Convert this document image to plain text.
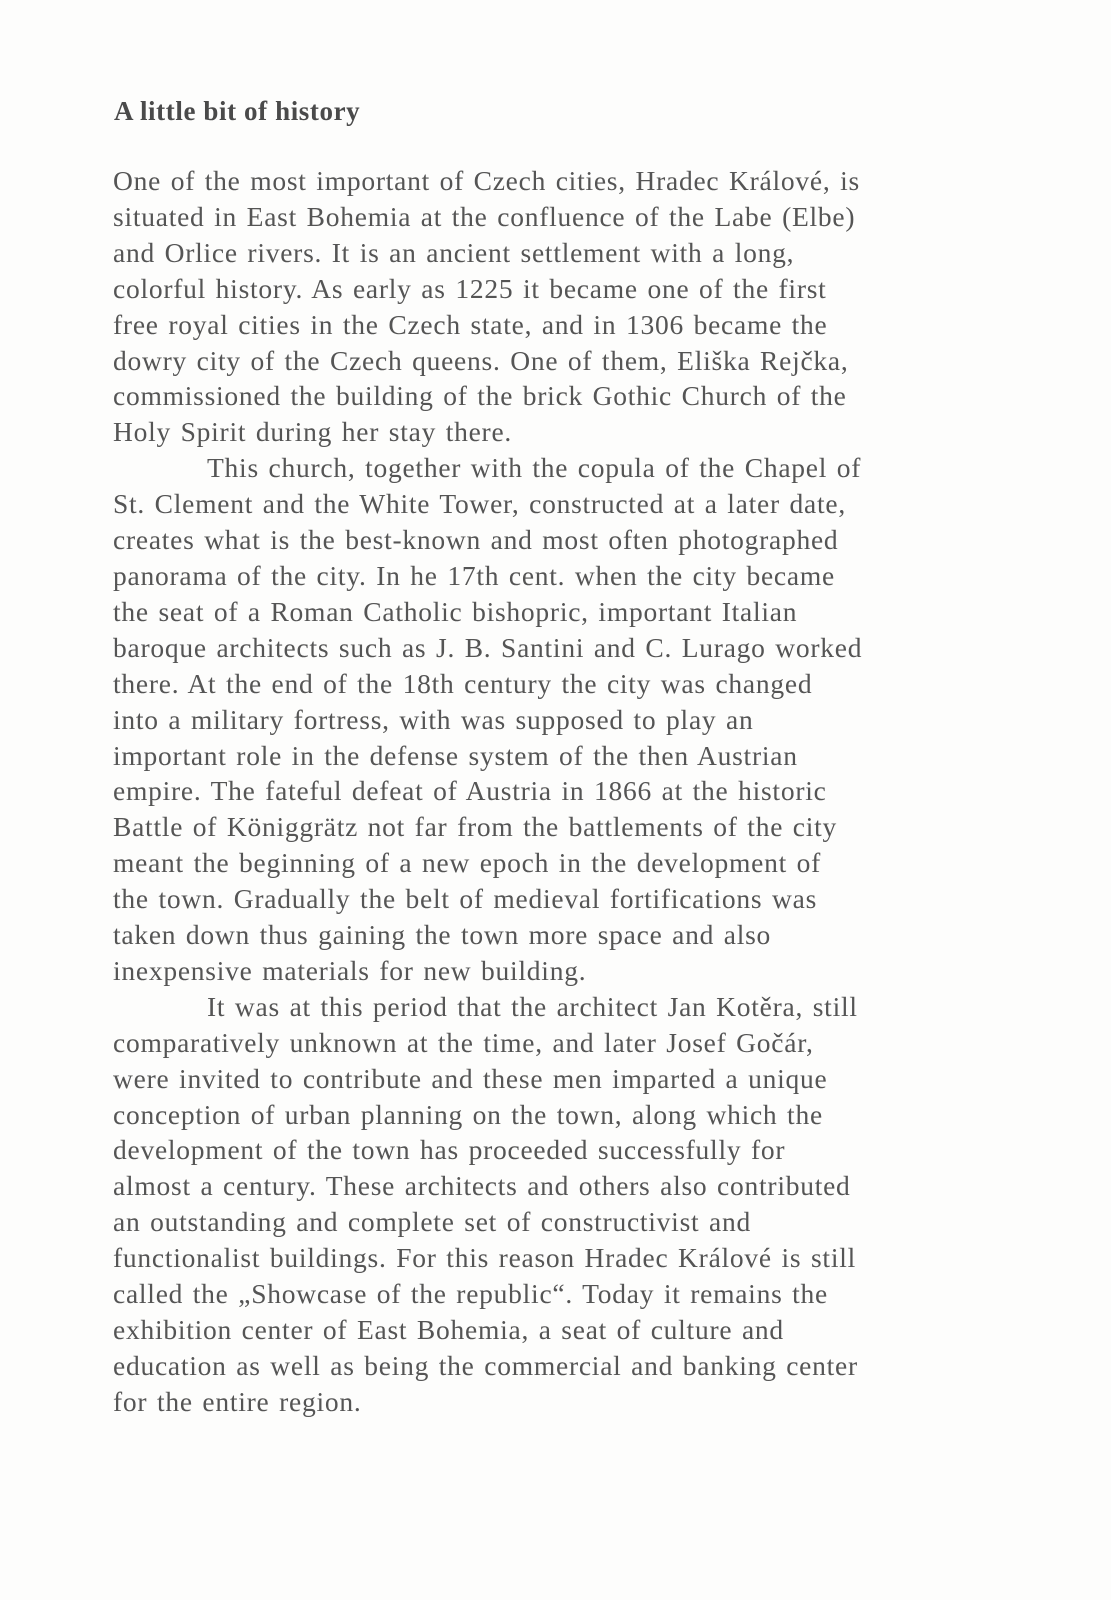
A little bit of history

One of the most important of Czech cities, Hradec Králové, is
situated in East Bohemia at the confluence of the Labe (Elbe)
and Orlice rivers. It is an ancient settlement with a long,
colorful history. As early as 1225 it became one of the first
free royal cities in the Czech state, and in 1306 became the
dowry city of the Czech queens. One of them, Eliška Rejčka,
commissioned the building of the brick Gothic Church of the
Holy Spirit during her stay there.

This church, together with the copula of the Chapel of
St. Clement and the White Tower, constructed at a later date,
creates what is the best-known and most often photographed
panorama of the city. In he 17th cent. when the city became
the seat of a Roman Catholic bishopric, important Italian
baroque architects such as J. B. Santini and C. Lurago worked
there. At the end of the 18th century the city was changed
into a military fortress, with was supposed to play an
important role in the defense system of the then Austrian
empire. The fateful defeat of Austria in 1866 at the historic
Battle of Königgrätz not far from the battlements of the city
meant the beginning of a new epoch in the development of
the town. Gradually the belt of medieval fortifications was
taken down thus gaining the town more space and also
inexpensive materials for new building.

It was at this period that the architect Jan Kotěra, still
comparatively unknown at the time, and later Josef Gočár,
were invited to contribute and these men imparted a unique
conception of urban planning on the town, along which the
development of the town has proceeded successfully for
almost a century. These architects and others also contributed
an outstanding and complete set of constructivist and
functionalist buildings. For this reason Hradec Králové is still
called the „Showcase of the republic“. Today it remains the
exhibition center of East Bohemia, a seat of culture and
education as well as being the commercial and banking center
for the entire region.
